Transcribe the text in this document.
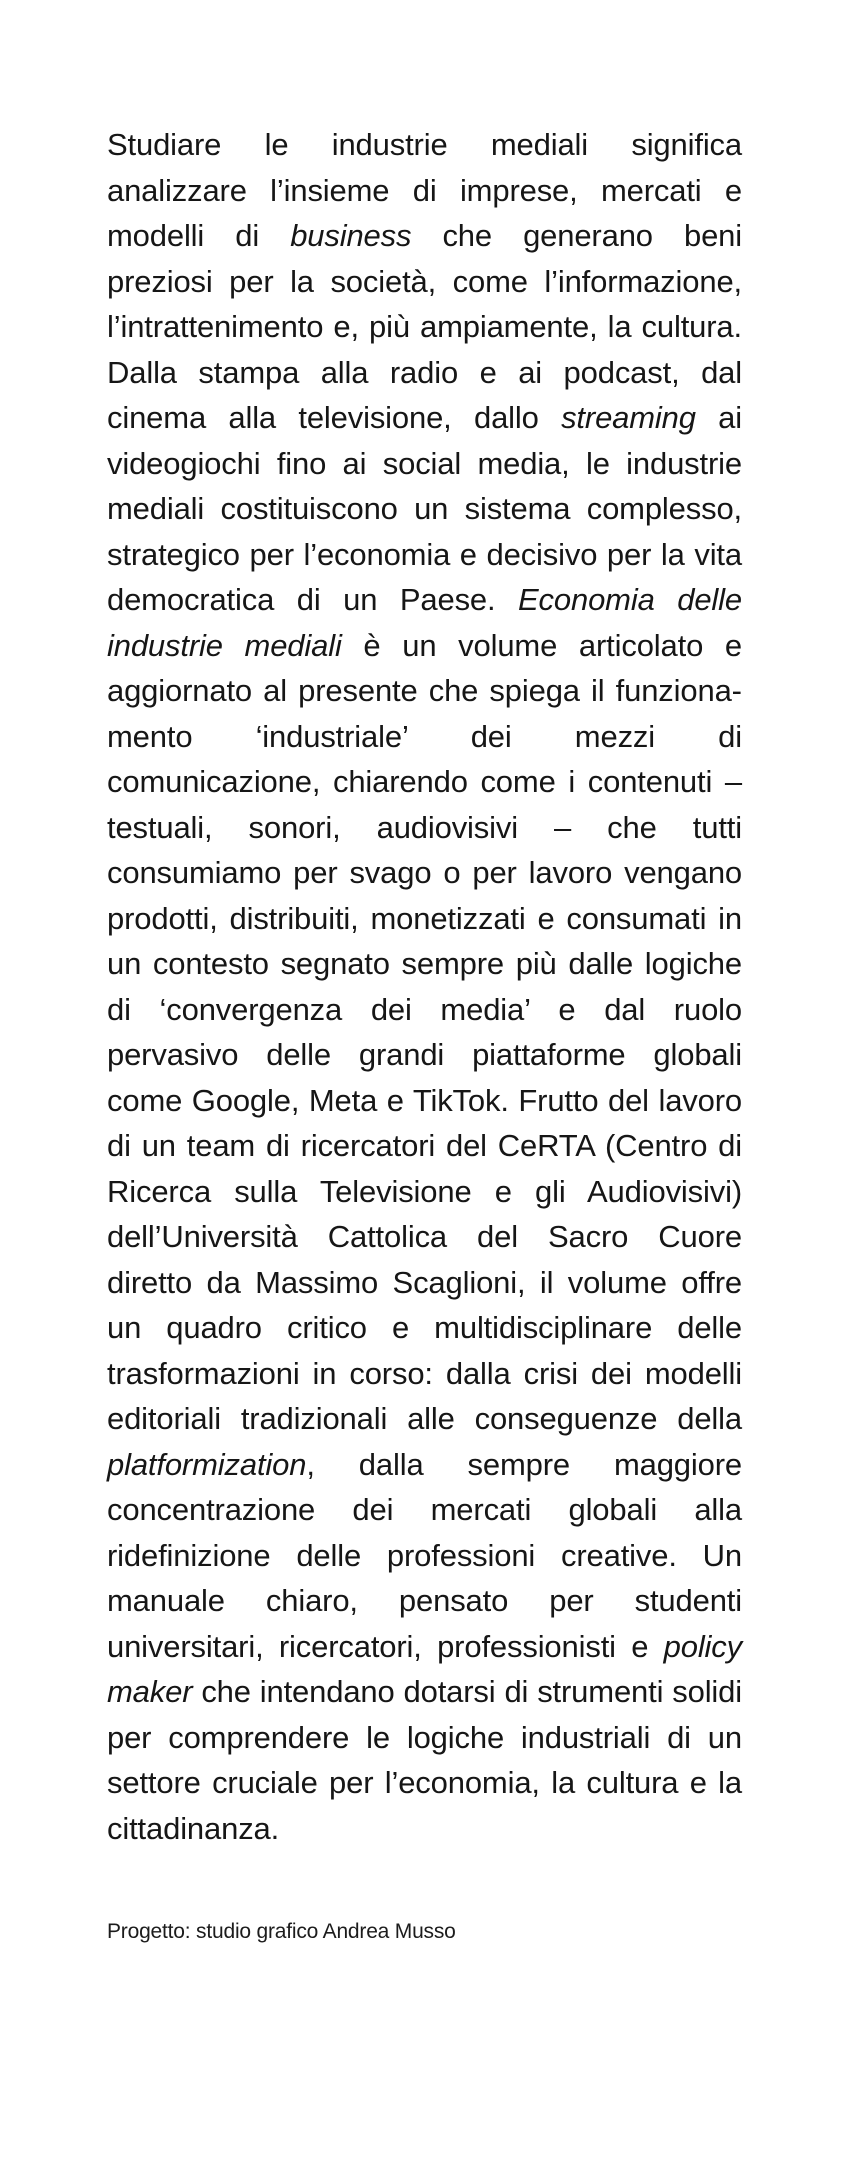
Studiare le industrie mediali significa analizzare l’insieme di imprese, mercati e modelli di business che generano beni preziosi per la società, come l’informazione, l’intrattenimento e, più ampiamente, la cultura. Dalla stampa alla radio e ai podcast, dal cinema alla televisione, dallo streaming ai videogiochi fino ai social media, le industrie mediali costituiscono un sistema complesso, strategico per l’economia e decisivo per la vita democratica di un Paese. Economia delle industrie mediali è un volume articolato e aggiornato al presente che spiega il funzionamento ‘industriale’ dei mezzi di comunicazione, chiarendo come i contenuti – testuali, sonori, audiovisivi – che tutti consumiamo per svago o per lavoro vengano prodotti, distribuiti, monetizzati e consumati in un contesto segnato sempre più dalle logiche di ‘convergenza dei media’ e dal ruolo pervasivo delle grandi piattaforme globali come Google, Meta e TikTok. Frutto del lavoro di un team di ricercatori del CeRTA (Centro di Ricerca sulla Televisione e gli Audiovisivi) dell’Università Cattolica del Sacro Cuore diretto da Massimo Scaglioni, il volume offre un quadro critico e multidisciplinare delle trasformazioni in corso: dalla crisi dei modelli editoriali tradizionali alle conseguenze della platformization, dalla sempre maggiore concentrazione dei mercati globali alla ridefinizione delle professioni creative. Un manuale chiaro, pensato per studenti universitari, ricercatori, professionisti e policy maker che intendano dotarsi di strumenti solidi per comprendere le logiche industriali di un settore cruciale per l’economia, la cultura e la cittadinanza.

Progetto: studio grafico Andrea Musso
